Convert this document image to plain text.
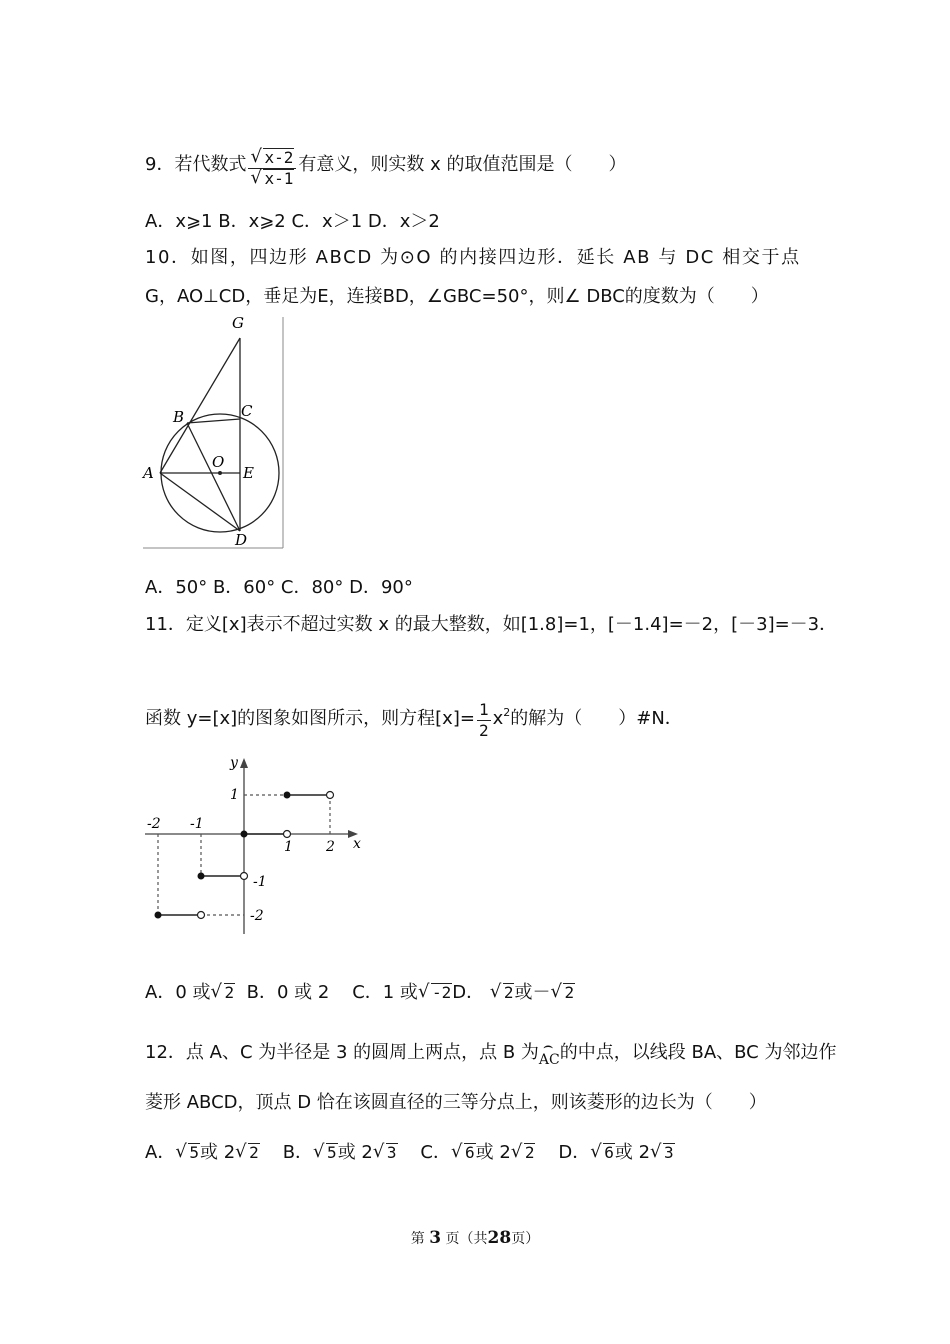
9．若代数式 √ x-2
√ x-1 有意义，则实数 x 的取值范围是（　　）
A．x⩾1 B．x⩾2 C．x＞1 D．x＞2
10．如图，四边形 ABCD 为⊙O 的内接四边形．延长 AB 与 DC 相交于点
G，AO⊥CD，垂足为E，连接BD，∠GBC=50°，则∠ DBC的度数为（　　）
G
B	C
A
O
E
D
A．50° B．60° C．80° D．90°
11．定义[x]表示不超过实数 x 的最大整数，如[1.8]=1，[－1.4]=－2，[－3]=－3．
函数 y=[x]的图象如图所示，则方程$[x]= \frac{1}{2} x^2$的解为（　　）#N．
x
y
-2 -1
1 2
1
-1
-2
A．0 或 √ 2 B．0 或 2 C．1 或 √ -2D． √ 2或－ √ 2
12．点 A、C 为半径是 3 的圆周上两点，点 B 为⌢ AC的中点，以线段 BA、BC 为邻边作
菱形 ABCD，顶点 D 恰在该圆直径的三等分点上，则该菱形的边长为（　　）
A． √ 5或 2 √ 2 B． √ 5或 2 √ 3 C． √ 6或 2 √ 2 D． √ 6或 2 √ 3
第 3 页（共28页）
